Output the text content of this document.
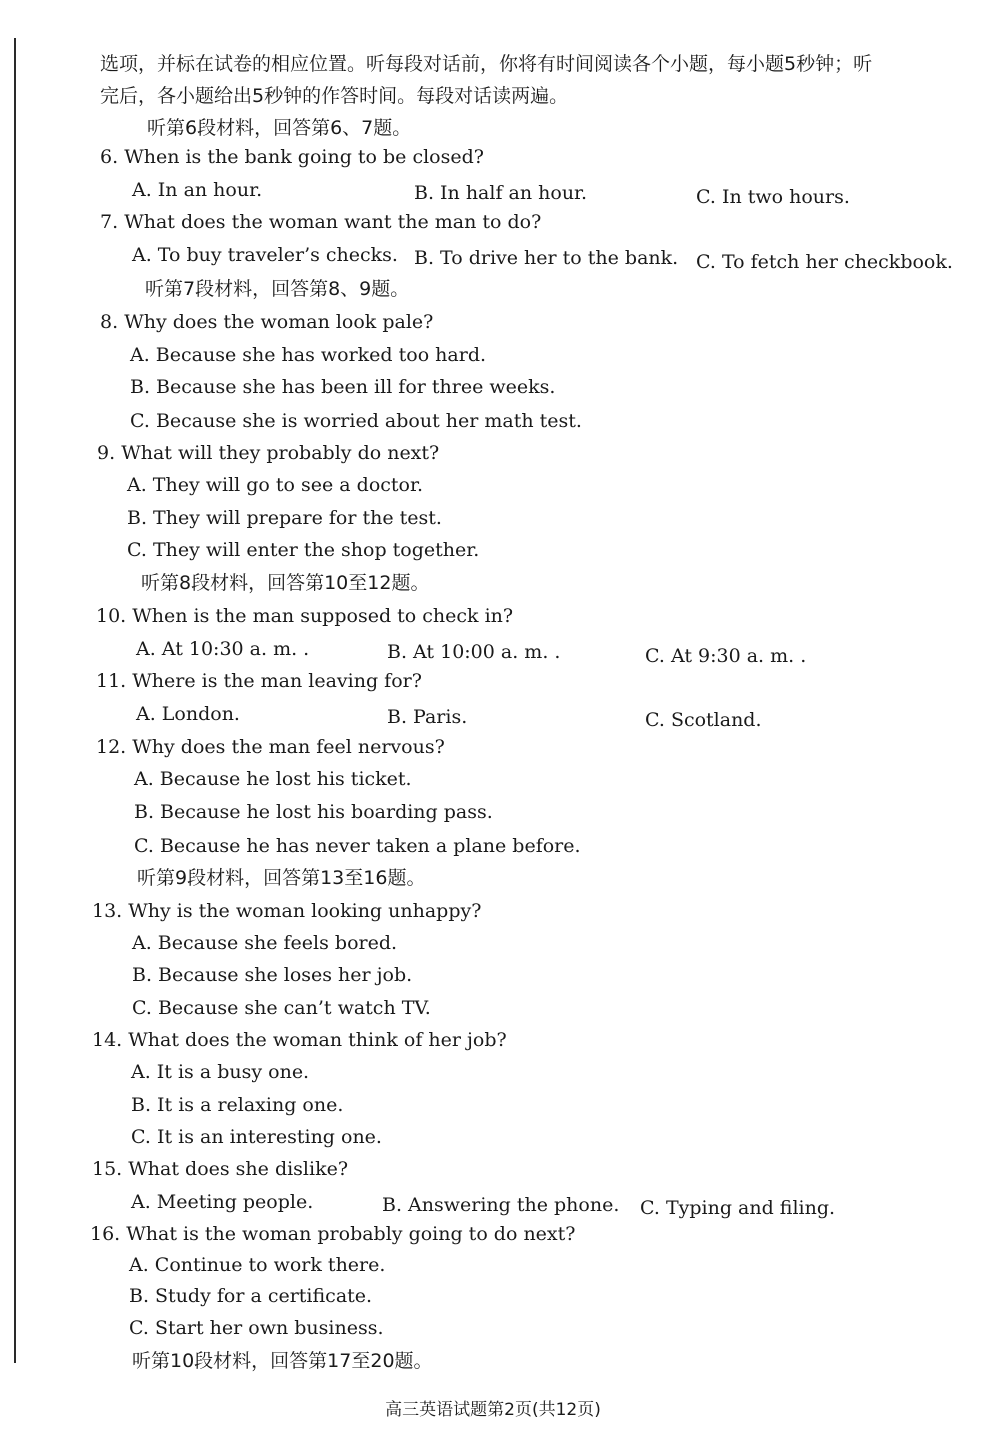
选项，并标在试卷的相应位置。听每段对话前，你将有时间阅读各个小题，每小题5秒钟；听
完后，各小题给出5秒钟的作答时间。每段对话读两遍。
听第6段材料，回答第6、7题。
6. When is the bank going to be closed?
A. In an hour.	B. In half an hour.	C. In two hours.
7. What does the woman want the man to do?
A. To buy traveler’s checks. B. To drive her to the bank. C. To fetch her checkbook.
听第7段材料，回答第8、9题。
8. Why does the woman look pale?
A. Because she has worked too hard.
B. Because she has been ill for three weeks.
C. Because she is worried about her math test.
9. What will they probably do next?
A. They will go to see a doctor.
B. They will prepare for the test.
C. They will enter the shop together.
听第8段材料，回答第10至12题。
10. When is the man supposed to check in?
A. At 10:30 a. m. .	B. At 10:00 a. m. .	C. At 9:30 a. m. .
11. Where is the man leaving for?
A. London.	B. Paris.	C. Scotland.
12. Why does the man feel nervous?
A. Because he lost his ticket.
B. Because he lost his boarding pass.
C. Because he has never taken a plane before.
听第9段材料，回答第13至16题。
13. Why is the woman looking unhappy?
A. Because she feels bored.
B. Because she loses her job.
C. Because she can’t watch TV.
14. What does the woman think of her job?
A. It is a busy one.
B. It is a relaxing one.
C. It is an interesting one.
15. What does she dislike?
A. Meeting people.	B. Answering the phone. C. Typing and filing.
16. What is the woman probably going to do next?
A. Continue to work there.
B. Study for a certificate.
C. Start her own business.
听第10段材料，回答第17至20题。
高三英语试题第2页(共12页)
